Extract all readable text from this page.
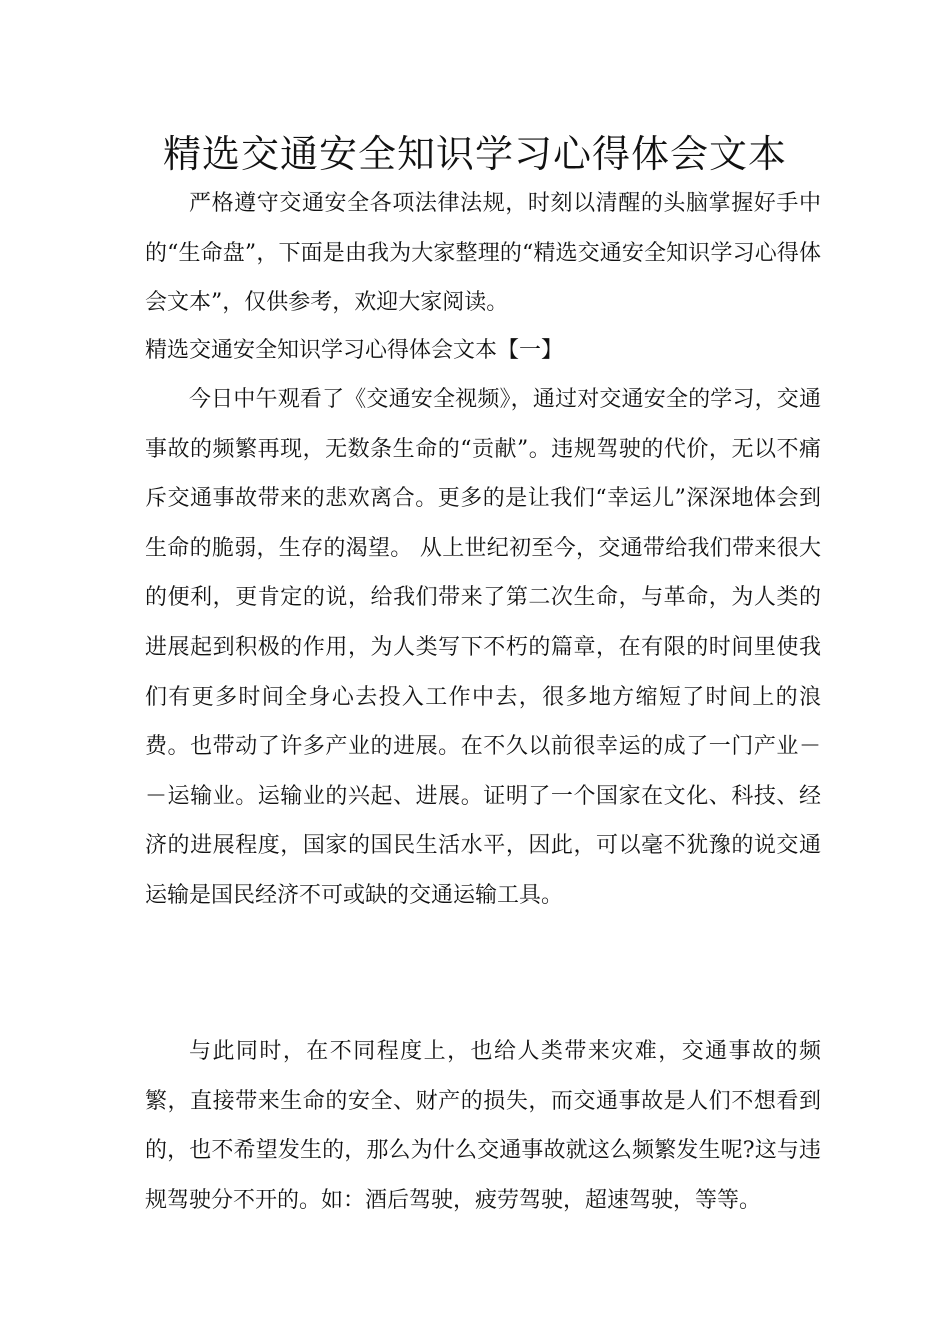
精选交通安全知识学习心得体会文本

严格遵守交通安全各项法律法规，时刻以清醒的头脑掌握好手中的“生命盘”，下面是由我为大家整理的“精选交通安全知识学习心得体会文本”，仅供参考，欢迎大家阅读。

精选交通安全知识学习心得体会文本【一】

今日中午观看了《交通安全视频》，通过对交通安全的学习，交通事故的频繁再现，无数条生命的“贡献”。违规驾驶的代价，无以不痛斥交通事故带来的悲欢离合。更多的是让我们“幸运儿”深深地体会到生命的脆弱，生存的渴望。 从上世纪初至今，交通带给我们带来很大的便利，更肯定的说，给我们带来了第二次生命，与革命，为人类的进展起到积极的作用，为人类写下不朽的篇章，在有限的时间里使我们有更多时间全身心去投入工作中去，很多地方缩短了时间上的浪费。也带动了许多产业的进展。在不久以前很幸运的成了一门产业－－运输业。运输业的兴起、进展。证明了一个国家在文化、科技、经济的进展程度，国家的国民生活水平，因此，可以毫不犹豫的说交通运输是国民经济不可或缺的交通运输工具。

与此同时，在不同程度上，也给人类带来灾难，交通事故的频繁，直接带来生命的安全、财产的损失，而交通事故是人们不想看到的，也不希望发生的，那么为什么交通事故就这么频繁发生呢?这与违规驾驶分不开的。如：酒后驾驶，疲劳驾驶，超速驾驶，等等。
